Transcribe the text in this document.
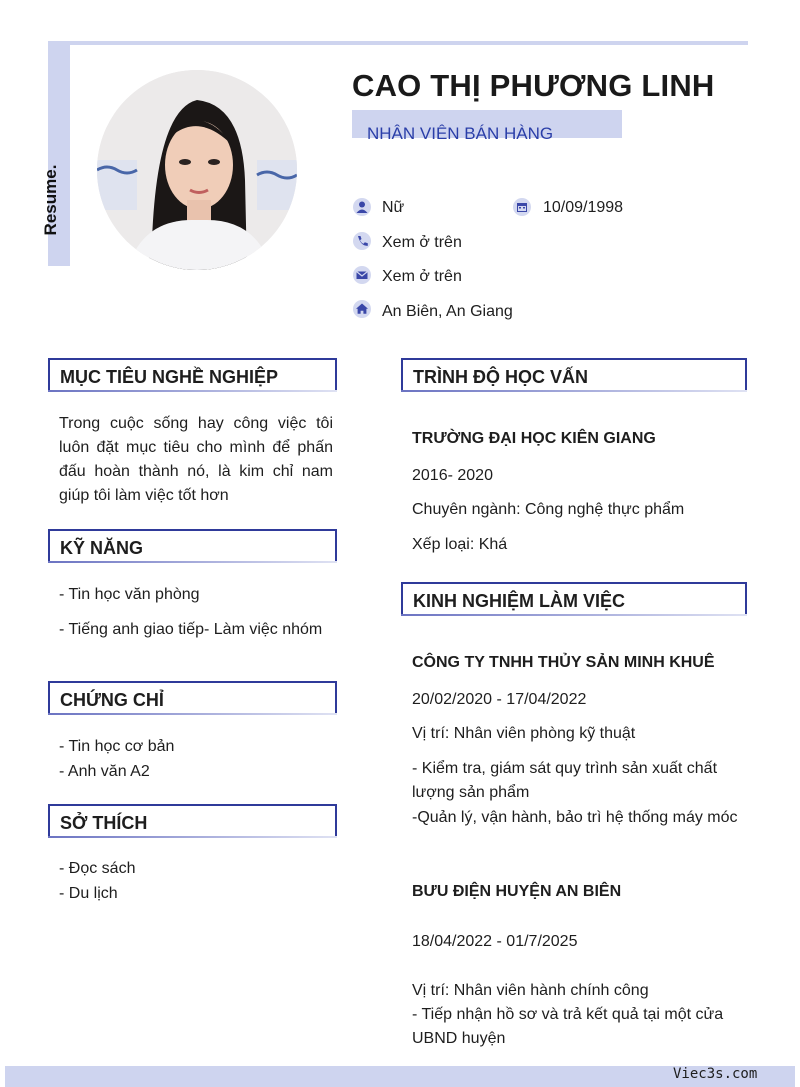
Resume.
CAO THỊ PHƯƠNG LINH
NHÂN VIÊN BÁN HÀNG
Nữ	10/09/1998
Xem ở trên
Xem ở trên
An Biên, An Giang
MỤC TIÊU NGHỀ NGHIỆP
Trong cuộc sống hay công việc tôi luôn đặt mục tiêu cho mình để phấn đấu hoàn thành nó, là kim chỉ nam giúp tôi làm việc tốt hơn
KỸ NĂNG
- Tin học văn phòng
- Tiếng anh giao tiếp- Làm việc nhóm
CHỨNG CHỈ
- Tin học cơ bản
- Anh văn A2
SỞ THÍCH
- Đọc sách
- Du lịch
TRÌNH ĐỘ HỌC VẤN
TRƯỜNG ĐẠI HỌC KIÊN GIANG
2016- 2020
Chuyên ngành: Công nghệ thực phẩm
Xếp loại: Khá
KINH NGHIỆM LÀM VIỆC
CÔNG TY TNHH THỦY SẢN MINH KHUÊ
20/02/2020 - 17/04/2022
Vị trí: Nhân viên phòng kỹ thuật
- Kiểm tra, giám sát quy trình sản xuất chất lượng sản phẩm
-Quản lý, vận hành, bảo trì hệ thống máy móc
BƯU ĐIỆN HUYỆN AN BIÊN
18/04/2022 - 01/7/2025
Vị trí: Nhân viên hành chính công
- Tiếp nhận hồ sơ và trả kết quả tại một cửa UBND huyện
Viec3s.com
